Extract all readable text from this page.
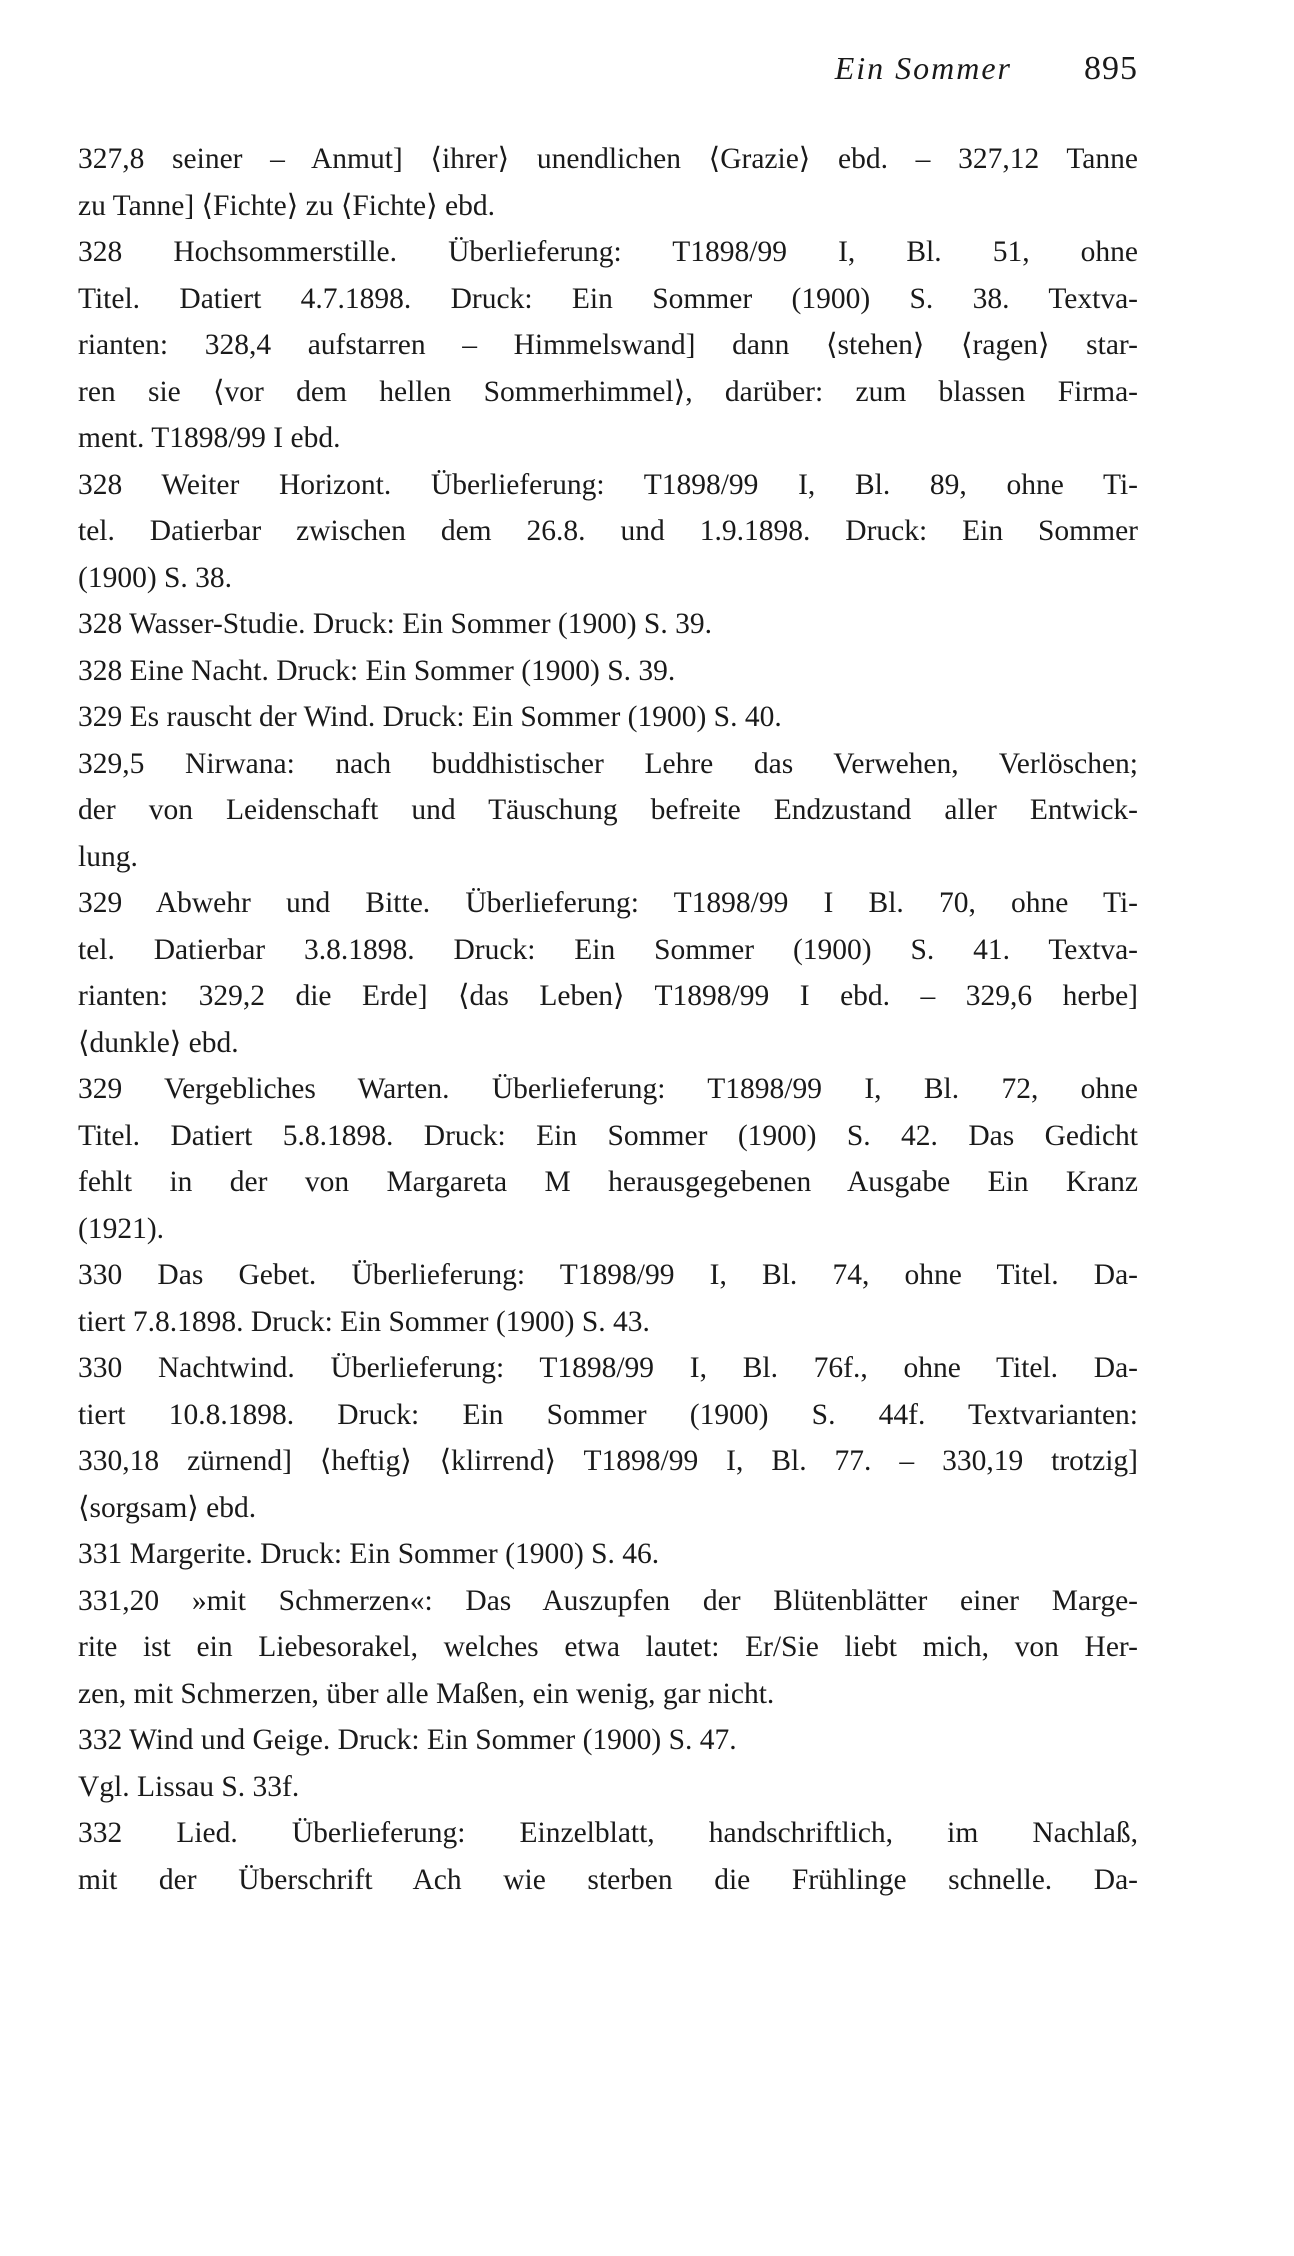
Ein Sommer 895
327,8 seiner – Anmut] ⟨ihrer⟩ unendlichen ⟨Grazie⟩ ebd. – 327,12 Tanne
zu Tanne] ⟨Fichte⟩ zu ⟨Fichte⟩ ebd.
328 Hochsommerstille. Überlieferung: T1898/99 I, Bl. 51, ohne
Titel. Datiert 4.7.1898. Druck: Ein Sommer (1900) S. 38. Textva-
rianten: 328,4 aufstarren – Himmelswand] dann ⟨stehen⟩ ⟨ragen⟩ star-
ren sie ⟨vor dem hellen Sommerhimmel⟩, darüber: zum blassen Firma-
ment. T1898/99 I ebd.
328 Weiter Horizont. Überlieferung: T1898/99 I, Bl. 89, ohne Ti-
tel. Datierbar zwischen dem 26.8. und 1.9.1898. Druck: Ein Sommer
(1900) S. 38.
328 Wasser-Studie. Druck: Ein Sommer (1900) S. 39.
328 Eine Nacht. Druck: Ein Sommer (1900) S. 39.
329 Es rauscht der Wind. Druck: Ein Sommer (1900) S. 40.
329,5 Nirwana: nach buddhistischer Lehre das Verwehen, Verlöschen;
der von Leidenschaft und Täuschung befreite Endzustand aller Entwick-
lung.
329 Abwehr und Bitte. Überlieferung: T1898/99 I Bl. 70, ohne Ti-
tel. Datierbar 3.8.1898. Druck: Ein Sommer (1900) S. 41. Textva-
rianten: 329,2 die Erde] ⟨das Leben⟩ T1898/99 I ebd. – 329,6 herbe]
⟨dunkle⟩ ebd.
329 Vergebliches Warten. Überlieferung: T1898/99 I, Bl. 72, ohne
Titel. Datiert 5.8.1898. Druck: Ein Sommer (1900) S. 42. Das Gedicht
fehlt in der von Margareta M herausgegebenen Ausgabe Ein Kranz
(1921).
330 Das Gebet. Überlieferung: T1898/99 I, Bl. 74, ohne Titel. Da-
tiert 7.8.1898. Druck: Ein Sommer (1900) S. 43.
330 Nachtwind. Überlieferung: T1898/99 I, Bl. 76f., ohne Titel. Da-
tiert 10.8.1898. Druck: Ein Sommer (1900) S. 44f. Textvarianten:
330,18 zürnend] ⟨heftig⟩ ⟨klirrend⟩ T1898/99 I, Bl. 77. – 330,19 trotzig]
⟨sorgsam⟩ ebd.
331 Margerite. Druck: Ein Sommer (1900) S. 46.
331,20 »mit Schmerzen«: Das Auszupfen der Blütenblätter einer Marge-
rite ist ein Liebesorakel, welches etwa lautet: Er/Sie liebt mich, von Her-
zen, mit Schmerzen, über alle Maßen, ein wenig, gar nicht.
332 Wind und Geige. Druck: Ein Sommer (1900) S. 47.
Vgl. Lissau S. 33f.
332 Lied. Überlieferung: Einzelblatt, handschriftlich, im Nachlaß,
mit der Überschrift Ach wie sterben die Frühlinge schnelle. Da-
